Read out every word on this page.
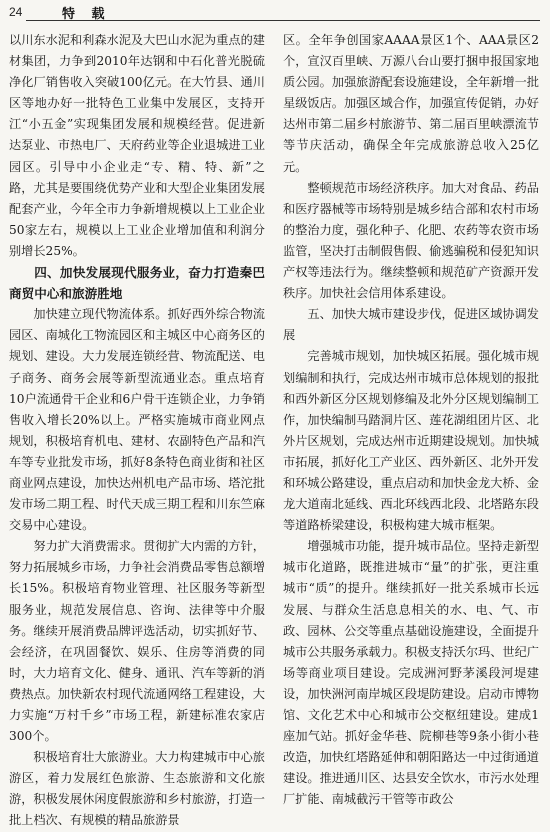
24	特 载

以川东水泥和利森水泥及大巴山水泥为重点的建材集团，力争到2010年达钢和中石化普光脱硫净化厂销售收入突破100亿元。在大竹县、通川区等地办好一批特色工业集中发展区，支持开江“小五金”实现集团发展和规模经营。促进新达泵业、市热电厂、天府药业等企业退城进工业园区。引导中小企业走“专、精、特、新”之路，尤其是要围绕优势产业和大型企业集团发展配套产业，今年全市力争新增规模以上工业企业50家左右，规模以上工业企业增加值和利润分别增长25%。

四、加快发展现代服务业，奋力打造秦巴商贸中心和旅游胜地

加快建立现代物流体系。抓好西外综合物流园区、南城化工物流园区和主城区中心商务区的规划、建设。大力发展连锁经营、物流配送、电子商务、商务会展等新型流通业态。重点培育10户流通骨干企业和6户骨干连锁企业，力争销售收入增长20%以上。严格实施城市商业网点规划，积极培育机电、建材、农副特色产品和汽车等专业批发市场，抓好8条特色商业街和社区商业网点建设，加快达州机电产品市场、塔沱批发市场二期工程、时代天成三期工程和川东竺麻交易中心建设。

努力扩大消费需求。贯彻扩大内需的方针，努力拓展城乡市场，力争社会消费品零售总额增长15%。积极培育物业管理、社区服务等新型服务业，规范发展信息、咨询、法律等中介服务。继续开展消费品牌评选活动，切实抓好节、会经济，在巩固餐饮、娱乐、住房等消费的同时，大力培育文化、健身、通讯、汽车等新的消费热点。加快新农村现代流通网络工程建设，大力实施“万村千乡”市场工程，新建标准农家店300个。

积极培育壮大旅游业。大力构建城市中心旅游区，着力发展红色旅游、生态旅游和文化旅游，积极发展休闲度假旅游和乡村旅游，打造一批上档次、有规模的精品旅游景

区。全年争创国家AAAA景区1个、AAA景区2个，宣汉百里峡、万源八台山要打捆申报国家地质公园。加强旅游配套设施建设，全年新增一批星级饭店。加强区域合作，加强宣传促销，办好达州市第二届乡村旅游节、第二届百里峡漂流节等节庆活动，确保全年完成旅游总收入25亿元。

整顿规范市场经济秩序。加大对食品、药品和医疗器械等市场特别是城乡结合部和农村市场的整治力度，强化种子、化肥、农药等农资市场监管，坚决打击制假售假、偷逃骗税和侵犯知识产权等违法行为。继续整顿和规范矿产资源开发秩序。加快社会信用体系建设。

五、加快大城市建设步伐，促进区域协调发展

完善城市规划，加快城区拓展。强化城市规划编制和执行，完成达州市城市总体规划的报批和西外新区分区规划修编及北外分区规划编制工作，加快编制马踏洞片区、莲花湖组团片区、北外片区规划，完成达州市近期建设规划。加快城市拓展，抓好化工产业区、西外新区、北外开发和环城公路建设，重点启动和加快金龙大桥、金龙大道南北延线、西北环线西北段、北塔路东段等道路桥梁建设，积极构建大城市框架。

增强城市功能，提升城市品位。坚持走新型城市化道路，既推进城市“量”的扩张，更注重城市“质”的提升。继续抓好一批关系城市长远发展、与群众生活息息相关的水、电、气、市政、园林、公交等重点基础设施建设，全面提升城市公共服务承载力。积极支持沃尔玛、世纪广场等商业项目建设。完成洲河野茅溪段河堤建设，加快洲河南岸城区段堤防建设。启动市博物馆、文化艺术中心和城市公交枢纽建设。建成1座加气站。抓好金华巷、院柳巷等9条小街小巷改造，加快红塔路延伸和朝阳路达一中过街通道建设。推进通川区、达县安全饮水，市污水处理厂扩能、南城截污干管等市政公
